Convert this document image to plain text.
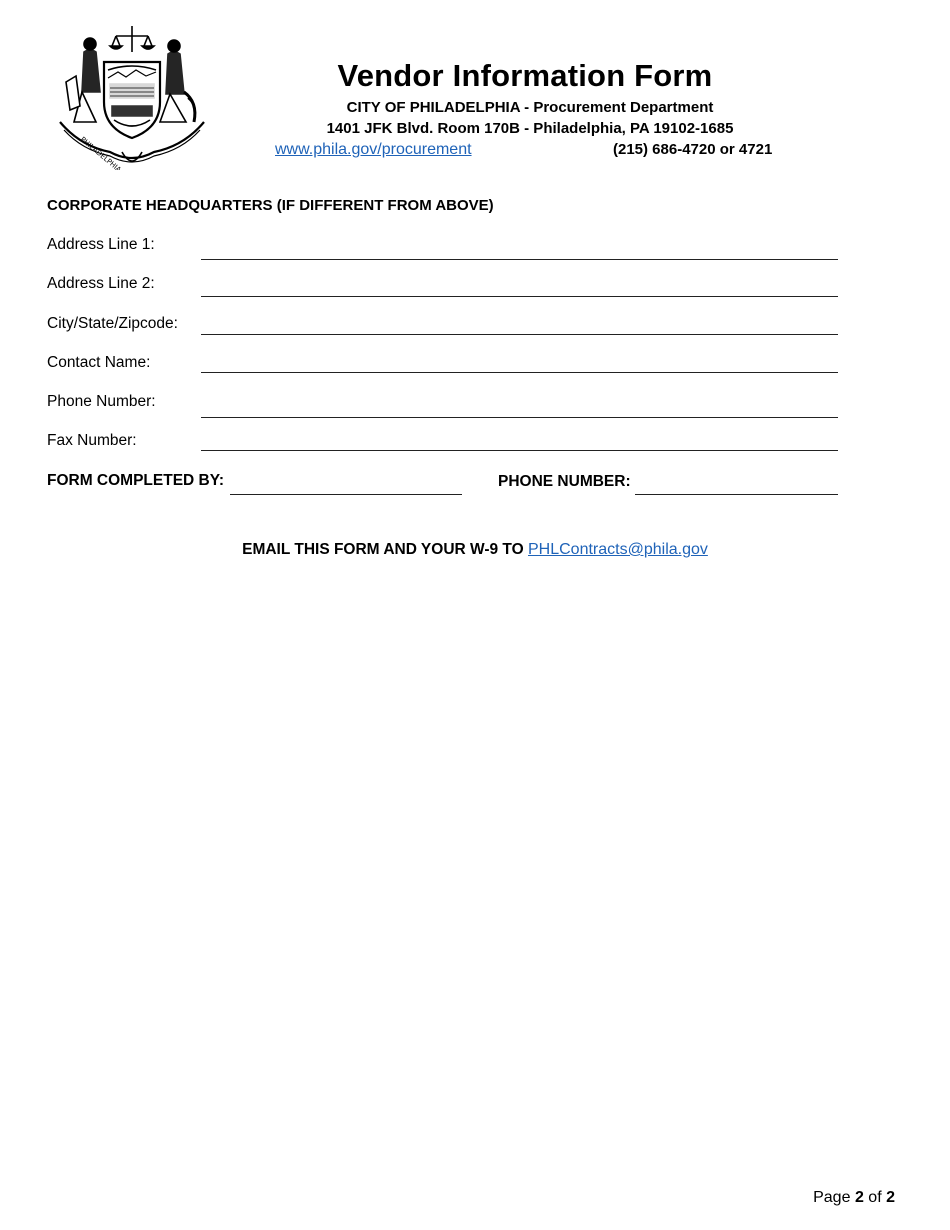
PHILADELPHIA MANEO
Vendor Information Form
CITY OF PHILADELPHIA - Procurement Department
1401 JFK Blvd. Room 170B - Philadelphia, PA 19102-1685
www.phila.gov/procurement	(215) 686-4720 or 4721
CORPORATE HEADQUARTERS (IF DIFFERENT FROM ABOVE)
Address Line 1:
Address Line 2:
City/State/Zipcode:
Contact Name:
Phone Number:
Fax Number:
FORM COMPLETED BY:	PHONE NUMBER:
EMAIL THIS FORM AND YOUR W-9 TO PHLContracts@phila.gov
Page 2 of 2
